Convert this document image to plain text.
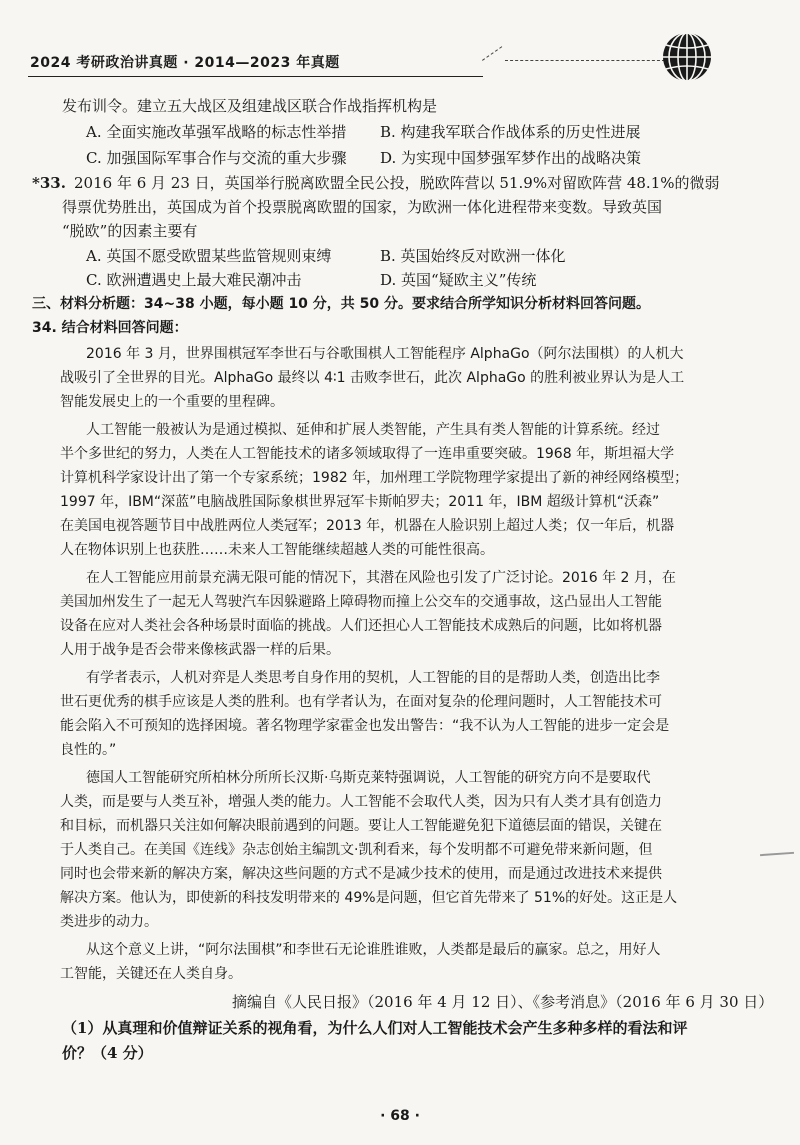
2024 考研政治讲真题 · 2014—2023 年真题
发布训令。建立五大战区及组建战区联合作战指挥机构是
A. 全面实施改革强军战略的标志性举措 B. 构建我军联合作战体系的历史性进展
C. 加强国际军事合作与交流的重大步骤 D. 为实现中国梦强军梦作出的战略决策
*33. 2016 年 6 月 23 日，英国举行脱离欧盟全民公投，脱欧阵营以 51.9%对留欧阵营 48.1%的微弱
得票优势胜出，英国成为首个投票脱离欧盟的国家，为欧洲一体化进程带来变数。导致英国
“脱欧”的因素主要有
A. 英国不愿受欧盟某些监管规则束缚	B. 英国始终反对欧洲一体化
C. 欧洲遭遇史上最大难民潮冲击	D. 英国“疑欧主义”传统
三、材料分析题：34~38 小题，每小题 10 分，共 50 分。要求结合所学知识分析材料回答问题。
34. 结合材料回答问题：
2016 年 3 月，世界围棋冠军李世石与谷歌围棋人工智能程序 AlphaGo（阿尔法围棋）的人机大
战吸引了全世界的目光。AlphaGo 最终以 4∶1 击败李世石，此次 AlphaGo 的胜利被业界认为是人工
智能发展史上的一个重要的里程碑。
人工智能一般被认为是通过模拟、延伸和扩展人类智能，产生具有类人智能的计算系统。经过
半个多世纪的努力，人类在人工智能技术的诸多领域取得了一连串重要突破。1968 年，斯坦福大学
计算机科学家设计出了第一个专家系统；1982 年，加州理工学院物理学家提出了新的神经网络模型；
1997 年，IBM“深蓝”电脑战胜国际象棋世界冠军卡斯帕罗夫；2011 年，IBM 超级计算机“沃森”
在美国电视答题节目中战胜两位人类冠军；2013 年，机器在人脸识别上超过人类；仅一年后，机器
人在物体识别上也获胜……未来人工智能继续超越人类的可能性很高。
在人工智能应用前景充满无限可能的情况下，其潜在风险也引发了广泛讨论。2016 年 2 月，在
美国加州发生了一起无人驾驶汽车因躲避路上障碍物而撞上公交车的交通事故，这凸显出人工智能
设备在应对人类社会各种场景时面临的挑战。人们还担心人工智能技术成熟后的问题，比如将机器
人用于战争是否会带来像核武器一样的后果。
有学者表示，人机对弈是人类思考自身作用的契机，人工智能的目的是帮助人类，创造出比李
世石更优秀的棋手应该是人类的胜利。也有学者认为，在面对复杂的伦理问题时，人工智能技术可
能会陷入不可预知的选择困境。著名物理学家霍金也发出警告：“我不认为人工智能的进步一定会是
良性的。”
德国人工智能研究所柏林分所所长汉斯·乌斯克莱特强调说，人工智能的研究方向不是要取代
人类，而是要与人类互补，增强人类的能力。人工智能不会取代人类，因为只有人类才具有创造力
和目标，而机器只关注如何解决眼前遇到的问题。要让人工智能避免犯下道德层面的错误，关键在
于人类自己。在美国《连线》杂志创始主编凯文·凯利看来，每个发明都不可避免带来新问题，但
同时也会带来新的解决方案，解决这些问题的方式不是减少技术的使用，而是通过改进技术来提供
解决方案。他认为，即使新的科技发明带来的 49%是问题，但它首先带来了 51%的好处。这正是人
类进步的动力。
从这个意义上讲，“阿尔法围棋”和李世石无论谁胜谁败，人类都是最后的赢家。总之，用好人
工智能，关键还在人类自身。
摘编自《人民日报》（2016 年 4 月 12 日）、《参考消息》（2016 年 6 月 30 日）
（1）从真理和价值辩证关系的视角看，为什么人们对人工智能技术会产生多种多样的看法和评
价？（4 分）
· 68 ·
